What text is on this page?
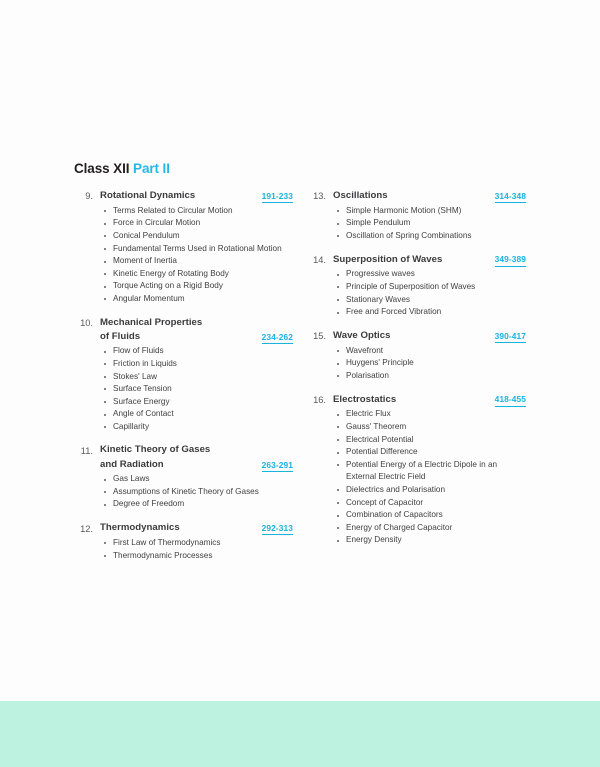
Class XII Part II
9. Rotational Dynamics	191-233
Terms Related to Circular Motion
Force in Circular Motion
Conical Pendulum
Fundamental Terms Used in Rotational Motion
Moment of Inertia
Kinetic Energy of Rotating Body
Torque Acting on a Rigid Body
Angular Momentum
10. Mechanical Properties
of Fluids	234-262
Flow of Fluids
Friction in Liquids
Stokes' Law
Surface Tension
Surface Energy
Angle of Contact
Capillarity
11. Kinetic Theory of Gases
and Radiation	263-291
Gas Laws
Assumptions of Kinetic Theory of Gases
Degree of Freedom
12. Thermodynamics	292-313
First Law of Thermodynamics
Thermodynamic Processes
13. Oscillations	314-348
Simple Harmonic Motion (SHM)
Simple Pendulum
Oscillation of Spring Combinations
14. Superposition of Waves	349-389
Progressive waves
Principle of Superposition of Waves
Stationary Waves
Free and Forced Vibration
15. Wave Optics	390-417
Wavefront
Huygens' Principle
Polarisation
16. Electrostatics	418-455
Electric Flux
Gauss' Theorem
Electrical Potential
Potential Difference
Potential Energy of a Electric Dipole in an
External Electric Field
Dielectrics and Polarisation
Concept of Capacitor
Combination of Capacitors
Energy of Charged Capacitor
Energy Density
